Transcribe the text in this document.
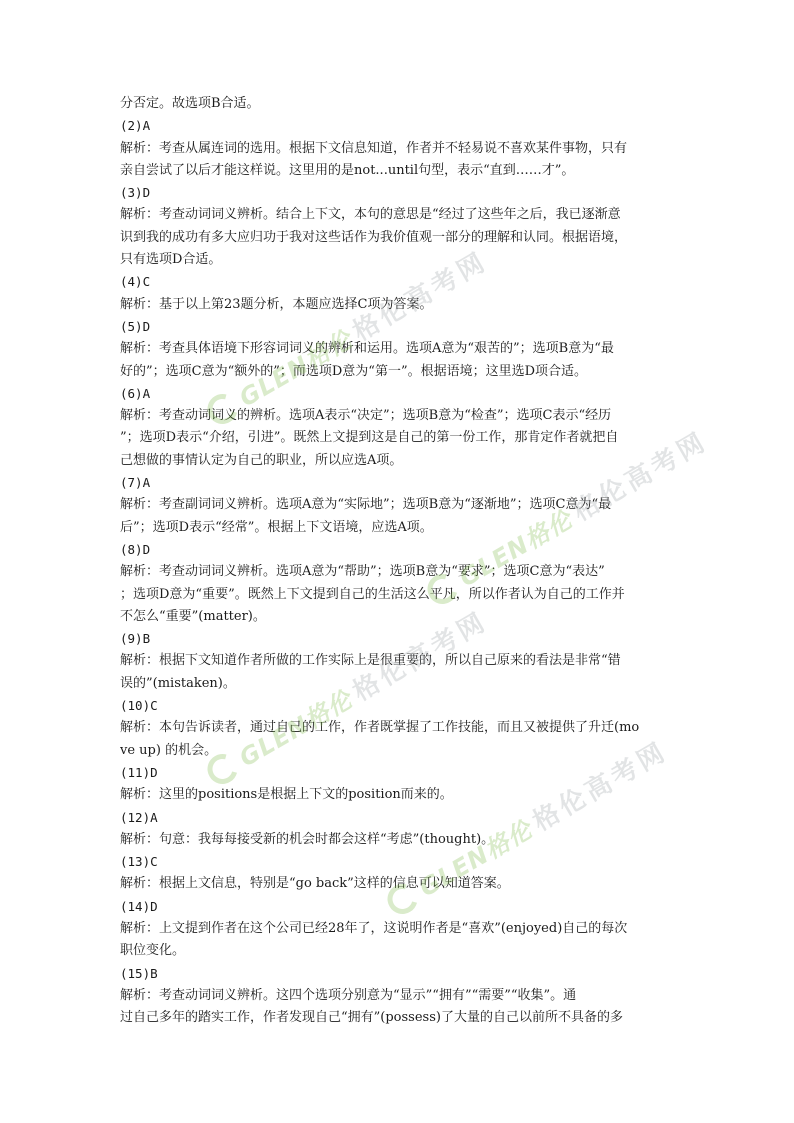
分否定。故选项B合适。
(2)A
解析：考查从属连词的选用。根据下文信息知道，作者并不轻易说不喜欢某件事物，只有
亲自尝试了以后才能这样说。这里用的是not...until句型，表示“直到……才”。
(3)D
解析：考查动词词义辨析。结合上下文，本句的意思是“经过了这些年之后，我已逐渐意
识到我的成功有多大应归功于我对这些话作为我价值观一部分的理解和认同。根据语境，
只有选项D合适。
(4)C
解析：基于以上第23题分析，本题应选择C项为答案。
(5)D
解析：考查具体语境下形容词词义的辨析和运用。选项A意为“艰苦的”；选项B意为“最
好的”；选项C意为“额外的”；而选项D意为“第一”。根据语境；这里选D项合适。
(6)A
解析：考查动词词义的辨析。选项A表示“决定”；选项B意为“检查”；选项C表示“经历
”；选项D表示“介绍，引进”。既然上文提到这是自己的第一份工作，那肯定作者就把自
己想做的事情认定为自己的职业，所以应选A项。
(7)A
解析：考查副词词义辨析。选项A意为“实际地”；选项B意为“逐渐地”；选项C意为“最
后”；选项D表示“经常”。根据上下文语境，应选A项。
(8)D
解析：考查动词词义辨析。选项A意为“帮助”；选项B意为“要求”；选项C意为“表达”
；选项D意为“重要”。既然上下文提到自己的生活这么平凡，所以作者认为自己的工作并
不怎么“重要”(matter)。
(9)B
解析：根据下文知道作者所做的工作实际上是很重要的，所以自己原来的看法是非常“错
误的”(mistaken)。
(10)C
解析：本句告诉读者，通过自己的工作，作者既掌握了工作技能，而且又被提供了升迁(mo
ve up) 的机会。
(11)D
解析：这里的positions是根据上下文的position而来的。
(12)A
解析：句意：我每每接受新的机会时都会这样“考虑”(thought)。
(13)C
解析：根据上文信息，特别是“go back”这样的信息可以知道答案。
(14)D
解析：上文提到作者在这个公司已经28年了，这说明作者是“喜欢”(enjoyed)自己的每次
职位变化。
(15)B
解析：考查动词词义辨析。这四个选项分别意为“显示”“拥有”“需要”“收集”。通
过自己多年的踏实工作，作者发现自己“拥有”(possess)了大量的自己以前所不具备的多
GLEN格伦
格伦高考网
GLEN格伦
格伦高考网
GLEN格伦
格伦高考网
GLEN格伦
格伦高考网
